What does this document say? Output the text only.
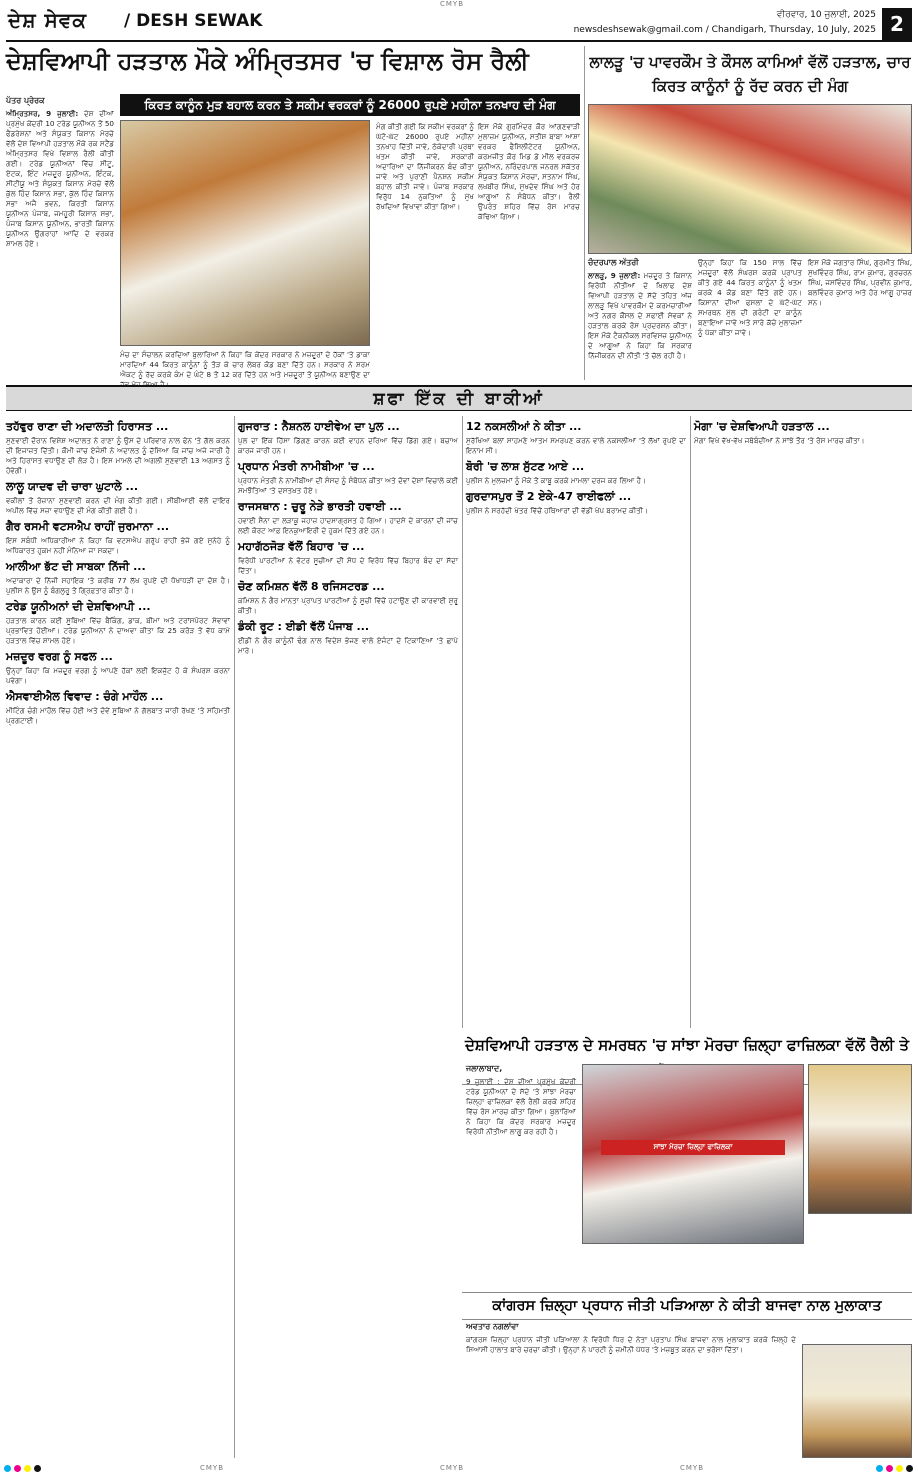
CMYB
ਦੇਸ਼ ਸੇਵਕ / DESH SEWAK	ਵੀਰਵਾਰ, 10 ਜੁਲਾਈ, 2025
newsdeshsewak@gmail.com / Chandigarh, Thursday, 10 July, 2025 2
ਦੇਸ਼ਵਿਆਪੀ ਹੜਤਾਲ ਮੌਕੇ ਅੰਮ੍ਰਿਤਸਰ 'ਚ ਵਿਸ਼ਾਲ ਰੋਸ ਰੈਲੀ
ਕਿਰਤ ਕਾਨੂੰਨ ਮੁੜ ਬਹਾਲ ਕਰਨ ਤੇ ਸਕੀਮ ਵਰਕਰਾਂ ਨੂੰ 26000 ਰੁਪਏ ਮਹੀਨਾ ਤਨਖਾਹ ਦੀ ਮੰਗ

ਪੱਤਰ ਪ੍ਰੇਰਕ

ਅੰਮ੍ਰਿਤਸਰ, 9 ਜੁਲਾਈ: ਦੇਸ਼ ਦੀਆਂ ਪ੍ਰਮੁੱਖ ਕੇਂਦਰੀ 10 ਟਰੇਡ ਯੂਨੀਅਨ ਤੋਂ 50 ਫੈਡਰੇਸ਼ਨਾਂ ਅਤੇ ਸੰਯੁਕਤ ਕਿਸਾਨ ਮੋਰਚੇ ਵੱਲੋਂ ਦੇਸ਼ ਵਿਆਪੀ ਹੜਤਾਲ ਮੌਕੇ ਰਕ ਸਟੈਂਡ ਅੰਮ੍ਰਿਤਸਰ ਵਿਖੇ ਵਿਸ਼ਾਲ ਰੈਲੀ ਕੀਤੀ ਗਈ। ਟਰੇਡ ਯੂਨੀਅਨਾਂ ਵਿੱਚ ਸੀਟੂ, ਏਟਕ, ਇੰਟ ਮਜ਼ਦੂਰ ਯੂਨੀਅਨ, ਇੰਟਕ, ਸੀਟੀਯੂ ਅਤੇ ਸੰਯੁਕਤ ਕਿਸਾਨ ਮੋਰਚੇ ਵੱਲੋਂ ਕੁੱਲ ਹਿੰਦ ਕਿਸਾਨ ਸਭਾ, ਕੁੱਲ ਹਿੰਦ ਕਿਸਾਨ ਸਭਾ ਅਜੈ ਭਵਨ, ਕਿਰਤੀ ਕਿਸਾਨ ਯੂਨੀਅਨ ਪੰਜਾਬ, ਜਮਹੂਰੀ ਕਿਸਾਨ ਸਭਾ, ਪੰਜਾਬ ਕਿਸਾਨ ਯੂਨੀਅਨ, ਭਾਰਤੀ ਕਿਸਾਨ ਯੂਨੀਅਨ ਉਗਰਾਹਾਂ ਆਦਿ ਦੇ ਵਰਕਰ ਸ਼ਾਮਲ ਹੋਏ।

ਮੰਚ ਦਾ ਸੰਚਾਲਨ ਕਰਦਿਆਂ ਬੁਲਾਰਿਆਂ ਨੇ ਕਿਹਾ ਕਿ ਕੇਂਦਰ ਸਰਕਾਰ ਨੇ ਮਜ਼ਦੂਰਾਂ ਦੇ ਹੱਕਾਂ 'ਤੇ ਡਾਕਾ ਮਾਰਦਿਆਂ 44 ਕਿਰਤ ਕਾਨੂੰਨਾਂ ਨੂੰ ਤੋੜ ਕੇ ਚਾਰ ਲੇਬਰ ਕੋਡ ਬਣਾ ਦਿੱਤੇ ਹਨ। ਸਰਕਾਰ ਨੇ ਸ਼ਰਮ ਐਕਟ ਨੂੰ ਰੱਦ ਕਰਕੇ ਕੰਮ ਦੇ ਘੰਟੇ 8 ਤੋਂ 12 ਕਰ ਦਿੱਤੇ ਹਨ ਅਤੇ ਮਜ਼ਦੂਰਾਂ ਤੋਂ ਯੂਨੀਅਨ ਬਣਾਉਣ ਦਾ

ਮੰਗ ਕੀਤੀ ਗਈ ਕਿ ਸਕੀਮ ਵਰਕਰਾਂ ਨੂੰ ਘੱਟੋ-ਘੱਟ 26000 ਰੁਪਏ ਮਹੀਨਾ ਤਨਖਾਹ ਦਿੱਤੀ ਜਾਵੇ, ਠੇਕੇਦਾਰੀ ਪ੍ਰਥਾ ਖਤਮ ਕੀਤੀ ਜਾਵੇ, ਸਰਕਾਰੀ ਅਦਾਰਿਆਂ ਦਾ ਨਿੱਜੀਕਰਨ ਬੰਦ ਕੀਤਾ ਜਾਵੇ ਅਤੇ ਪੁਰਾਣੀ ਪੈਨਸ਼ਨ ਸਕੀਮ ਬਹਾਲ ਕੀਤੀ ਜਾਵੇ। ਪੰਜਾਬ ਸਰਕਾਰ ਵਿਰੁੱਧ 14 ਨੁਕਤਿਆਂ ਨੂੰ ਮੁੱਖ ਰੱਖਦਿਆਂ ਵਿਖਾਵਾ ਕੀਤਾ ਗਿਆ।

ਇਸ ਮੌਕੇ ਗੁਰਮਿੰਦਰ ਕੌਰ ਆਂਗਣਵਾੜੀ ਮੁਲਾਜ਼ਮ ਯੂਨੀਅਨ, ਸਤੀਸ਼ ਬਾਬਾ ਆਸ਼ਾ ਵਰਕਰ ਫੈਸਿਲੀਟੇਟਰ ਯੂਨੀਅਨ, ਕਰਮਜੀਤ ਕੌਰ ਮਿਡ ਡੇ ਮੀਲ ਵਰਕਰਜ਼ ਯੂਨੀਅਨ, ਨਰਿੰਦਰਪਾਲ ਜਨਰਲ ਸਕੱਤਰ ਸੰਯੁਕਤ ਕਿਸਾਨ ਮੋਰਚਾ, ਸਤਨਾਮ ਸਿੰਘ, ਲਖਬੀਰ ਸਿੰਘ, ਸੁਖਦੇਵ ਸਿੰਘ ਅਤੇ ਹੋਰ ਆਗੂਆਂ ਨੇ ਸੰਬੋਧਨ ਕੀਤਾ। ਰੈਲੀ ਉਪਰੰਤ ਸ਼ਹਿਰ ਵਿੱਚ ਰੋਸ ਮਾਰਚ ਕੱਢਿਆ ਗਿਆ।

ਲਾਲੜੂ 'ਚ ਪਾਵਰਕੌਮ ਤੇ ਕੌਸਲ ਕਾਮਿਆਂ ਵੱਲੋਂ ਹੜਤਾਲ, ਚਾਰ ਕਿਰਤ ਕਾਨੂੰਨਾਂ ਨੂੰ ਰੱਦ ਕਰਨ ਦੀ ਮੰਗ

ਚੰਦਰਪਾਲ ਅੱਤਰੀ

ਲਾਲੜੂ, 9 ਜੁਲਾਈ: ਮਜ਼ਦੂਰ ਤੇ ਕਿਸਾਨ ਵਿਰੋਧੀ ਨੀਤੀਆਂ ਦੇ ਖਿਲਾਫ ਦੇਸ਼ ਵਿਆਪੀ ਹੜਤਾਲ ਦੇ ਸੱਦੇ ਤਹਿਤ ਅੱਜ ਲਾਲੜੂ ਵਿਖੇ ਪਾਵਰਕੌਮ ਦੇ ਕਰਮਚਾਰੀਆਂ ਅਤੇ ਨਗਰ ਕੌਂਸਲ ਦੇ ਸਫਾਈ ਸੇਵਕਾਂ ਨੇ ਹੜਤਾਲ ਕਰਕੇ ਰੋਸ ਪ੍ਰਦਰਸ਼ਨ ਕੀਤਾ। ਇਸ ਮੌਕੇ ਟੈਕਨੀਕਲ ਸਰਵਿਸਜ਼ ਯੂਨੀਅਨ ਦੇ ਆਗੂਆਂ ਨੇ ਕਿਹਾ ਕਿ ਸਰਕਾਰ ਨਿੱਜੀਕਰਨ ਦੀ ਨੀਤੀ 'ਤੇ ਚੱਲ ਰਹੀ ਹੈ।

ਉਨ੍ਹਾਂ ਕਿਹਾ ਕਿ 150 ਸਾਲ ਵਿੱਚ ਮਜ਼ਦੂਰਾਂ ਵੱਲੋਂ ਸੰਘਰਸ਼ ਕਰਕੇ ਪ੍ਰਾਪਤ ਕੀਤੇ ਗਏ 44 ਕਿਰਤ ਕਾਨੂੰਨਾਂ ਨੂੰ ਖਤਮ ਕਰਕੇ 4 ਕੋਡ ਬਣਾ ਦਿੱਤੇ ਗਏ ਹਨ। ਕਿਸਾਨਾਂ ਦੀਆਂ ਫਸਲਾਂ ਦੇ ਘੱਟੋ-ਘੱਟ ਸਮਰਥਨ ਮੁੱਲ ਦੀ ਗਰੰਟੀ ਦਾ ਕਾਨੂੰਨ ਬਣਾਇਆ ਜਾਵੇ ਅਤੇ ਸਾਰੇ ਕੱਚੇ ਮੁਲਾਜ਼ਮਾਂ ਨੂੰ ਪੱਕਾ ਕੀਤਾ ਜਾਵੇ।

ਇਸ ਮੌਕੇ ਜਗਤਾਰ ਸਿੰਘ, ਗੁਰਮੀਤ ਸਿੰਘ, ਸੁਖਵਿੰਦਰ ਸਿੰਘ, ਰਾਮ ਕੁਮਾਰ, ਗੁਰਚਰਨ ਸਿੰਘ, ਜਸਵਿੰਦਰ ਸਿੰਘ, ਪ੍ਰਵੀਨ ਕੁਮਾਰ, ਬਲਵਿੰਦਰ ਕੁਮਾਰ ਅਤੇ ਹੋਰ ਆਗੂ ਹਾਜ਼ਰ ਸਨ।

ਸ਼ਫਾ ਇੱਕ ਦੀ ਬਾਕੀਆਂ
ਤਹੱਵੁਰ ਰਾਣਾ ਦੀ ਅਦਾਲਤੀ ਹਿਰਾਸਤ ...

ਸੁਣਵਾਈ ਦੌਰਾਨ ਵਿਸ਼ੇਸ਼ ਅਦਾਲਤ ਨੇ ਰਾਣਾ ਨੂੰ ਉਸ ਦੇ ਪਰਿਵਾਰ ਨਾਲ ਫੋਨ 'ਤੇ ਗੱਲ ਕਰਨ ਦੀ ਇਜਾਜ਼ਤ ਦਿੱਤੀ। ਕੌਮੀ ਜਾਂਚ ਏਜੰਸੀ ਨੇ ਅਦਾਲਤ ਨੂੰ ਦੱਸਿਆ ਕਿ ਜਾਂਚ ਅਜੇ ਜਾਰੀ ਹੈ ਅਤੇ ਹਿਰਾਸਤ ਵਧਾਉਣ ਦੀ ਲੋੜ ਹੈ। ਇਸ ਮਾਮਲੇ ਦੀ ਅਗਲੀ ਸੁਣਵਾਈ 13 ਅਗਸਤ ਨੂੰ ਹੋਵੇਗੀ।

ਲਾਲੂ ਯਾਦਵ ਦੀ ਚਾਰਾ ਘੁਟਾਲੇ ...

ਵਕੀਲਾਂ ਤੋਂ ਰੋਜ਼ਾਨਾ ਸੁਣਵਾਈ ਕਰਨ ਦੀ ਮੰਗ ਕੀਤੀ ਗਈ। ਸੀਬੀਆਈ ਵੱਲੋਂ ਦਾਇਰ ਅਪੀਲ ਵਿੱਚ ਸਜ਼ਾ ਵਧਾਉਣ ਦੀ ਮੰਗ ਕੀਤੀ ਗਈ ਹੈ।

ਗੈਰ ਰਸਮੀ ਵਟਸਐਪ ਰਾਹੀਂ ਜੁਰਮਾਨਾ ...

ਇਸ ਸਬੰਧੀ ਅਧਿਕਾਰੀਆਂ ਨੇ ਕਿਹਾ ਕਿ ਵਟਸਐਪ ਗਰੁੱਪ ਰਾਹੀਂ ਭੇਜੇ ਗਏ ਸੁਨੇਹੇ ਨੂੰ ਅਧਿਕਾਰਤ ਹੁਕਮ ਨਹੀਂ ਮੰਨਿਆ ਜਾ ਸਕਦਾ।

ਆਲੀਆ ਭੱਟ ਦੀ ਸਾਬਕਾ ਨਿੱਜੀ ...

ਅਦਾਕਾਰਾ ਦੇ ਨਿੱਜੀ ਸਹਾਇਕ 'ਤੇ ਕਰੀਬ 77 ਲੱਖ ਰੁਪਏ ਦੀ ਧੋਖਾਧੜੀ ਦਾ ਦੋਸ਼ ਹੈ। ਪੁਲੀਸ ਨੇ ਉਸ ਨੂੰ ਬੰਗਲੁਰੂ ਤੋਂ ਗ੍ਰਿਫ਼ਤਾਰ ਕੀਤਾ ਹੈ।

ਟਰੇਡ ਯੂਨੀਅਨਾਂ ਦੀ ਦੇਸ਼ਵਿਆਪੀ ...

ਹੜਤਾਲ ਕਾਰਨ ਕਈ ਸੂਬਿਆਂ ਵਿੱਚ ਬੈਂਕਿੰਗ, ਡਾਕ, ਬੀਮਾ ਅਤੇ ਟਰਾਂਸਪੋਰਟ ਸੇਵਾਵਾਂ ਪ੍ਰਭਾਵਿਤ ਹੋਈਆਂ। ਟਰੇਡ ਯੂਨੀਅਨਾਂ ਨੇ ਦਾਅਵਾ ਕੀਤਾ ਕਿ 25 ਕਰੋੜ ਤੋਂ ਵੱਧ ਕਾਮੇ ਹੜਤਾਲ ਵਿੱਚ ਸ਼ਾਮਲ ਹੋਏ।

ਮਜ਼ਦੂਰ ਵਰਗ ਨੂੰ ਸਫਲ ...

ਉਨ੍ਹਾਂ ਕਿਹਾ ਕਿ ਮਜ਼ਦੂਰ ਵਰਗ ਨੂੰ ਆਪਣੇ ਹੱਕਾਂ ਲਈ ਇਕਜੁੱਟ ਹੋ ਕੇ ਸੰਘਰਸ਼ ਕਰਨਾ ਪਵੇਗਾ।

ਐਸਵਾਈਐਲ ਵਿਵਾਦ : ਚੰਗੇ ਮਾਹੌਲ ...

ਮੀਟਿੰਗ ਚੰਗੇ ਮਾਹੌਲ ਵਿੱਚ ਹੋਈ ਅਤੇ ਦੋਵੇਂ ਸੂਬਿਆਂ ਨੇ ਗੱਲਬਾਤ ਜਾਰੀ ਰੱਖਣ 'ਤੇ ਸਹਿਮਤੀ ਪ੍ਰਗਟਾਈ।

ਗੁਜਰਾਤ : ਨੈਸ਼ਨਲ ਹਾਈਵੇਅ ਦਾ ਪੁਲ ...

ਪੁਲ ਦਾ ਇੱਕ ਹਿੱਸਾ ਡਿੱਗਣ ਕਾਰਨ ਕਈ ਵਾਹਨ ਦਰਿਆ ਵਿੱਚ ਡਿੱਗ ਗਏ। ਬਚਾਅ ਕਾਰਜ ਜਾਰੀ ਹਨ।

ਪ੍ਰਧਾਨ ਮੰਤਰੀ ਨਾਮੀਬੀਆ 'ਚ ...

ਪ੍ਰਧਾਨ ਮੰਤਰੀ ਨੇ ਨਾਮੀਬੀਆ ਦੀ ਸੰਸਦ ਨੂੰ ਸੰਬੋਧਨ ਕੀਤਾ ਅਤੇ ਦੋਵਾਂ ਦੇਸ਼ਾਂ ਵਿਚਾਲੇ ਕਈ ਸਮਝੌਤਿਆਂ 'ਤੇ ਦਸਤਖ਼ਤ ਹੋਏ।

ਰਾਜਸਥਾਨ : ਚੁਰੂ ਨੇੜੇ ਭਾਰਤੀ ਹਵਾਈ ...

ਹਵਾਈ ਸੈਨਾ ਦਾ ਲੜਾਕੂ ਜਹਾਜ਼ ਹਾਦਸਾਗ੍ਰਸਤ ਹੋ ਗਿਆ। ਹਾਦਸੇ ਦੇ ਕਾਰਨਾਂ ਦੀ ਜਾਂਚ ਲਈ ਕੋਰਟ ਆਫ਼ ਇਨਕੁਆਇਰੀ ਦੇ ਹੁਕਮ ਦਿੱਤੇ ਗਏ ਹਨ।

ਮਹਾਗੱਠਜੋੜ ਵੱਲੋਂ ਬਿਹਾਰ 'ਚ ...

ਵਿਰੋਧੀ ਪਾਰਟੀਆਂ ਨੇ ਵੋਟਰ ਸੂਚੀਆਂ ਦੀ ਸੋਧ ਦੇ ਵਿਰੋਧ ਵਿੱਚ ਬਿਹਾਰ ਬੰਦ ਦਾ ਸੱਦਾ ਦਿੱਤਾ।

ਚੋਣ ਕਮਿਸ਼ਨ ਵੱਲੋਂ 8 ਰਜਿਸਟਰਡ ...

ਕਮਿਸ਼ਨ ਨੇ ਗੈਰ ਮਾਨਤਾ ਪ੍ਰਾਪਤ ਪਾਰਟੀਆਂ ਨੂੰ ਸੂਚੀ ਵਿੱਚੋਂ ਹਟਾਉਣ ਦੀ ਕਾਰਵਾਈ ਸ਼ੁਰੂ ਕੀਤੀ।

ਡੰਕੀ ਰੂਟ : ਈਡੀ ਵੱਲੋਂ ਪੰਜਾਬ ...

ਈਡੀ ਨੇ ਗੈਰ ਕਾਨੂੰਨੀ ਢੰਗ ਨਾਲ ਵਿਦੇਸ਼ ਭੇਜਣ ਵਾਲੇ ਏਜੰਟਾਂ ਦੇ ਟਿਕਾਣਿਆਂ 'ਤੇ ਛਾਪੇ ਮਾਰੇ।

12 ਨਕਸਲੀਆਂ ਨੇ ਕੀਤਾ ...

ਸੁਰੱਖਿਆ ਬਲਾਂ ਸਾਹਮਣੇ ਆਤਮ ਸਮਰਪਣ ਕਰਨ ਵਾਲੇ ਨਕਸਲੀਆਂ 'ਤੇ ਲੱਖਾਂ ਰੁਪਏ ਦਾ ਇਨਾਮ ਸੀ।

ਬੋਰੀ 'ਚ ਲਾਸ਼ ਸੁੱਟਣ ਆਏ ...

ਪੁਲੀਸ ਨੇ ਮੁਲਜ਼ਮਾਂ ਨੂੰ ਮੌਕੇ ਤੋਂ ਕਾਬੂ ਕਰਕੇ ਮਾਮਲਾ ਦਰਜ ਕਰ ਲਿਆ ਹੈ।

ਗੁਰਦਾਸਪੁਰ ਤੋਂ 2 ਏਕੇ-47 ਰਾਈਫਲਾਂ ...

ਪੁਲੀਸ ਨੇ ਸਰਹੱਦੀ ਖੇਤਰ ਵਿੱਚੋਂ ਹਥਿਆਰਾਂ ਦੀ ਵੱਡੀ ਖੇਪ ਬਰਾਮਦ ਕੀਤੀ।

ਮੋਗਾ 'ਚ ਦੇਸ਼ਵਿਆਪੀ ਹੜਤਾਲ ...

ਮੋਗਾ ਵਿਖੇ ਵੱਖ-ਵੱਖ ਜਥੇਬੰਦੀਆਂ ਨੇ ਸਾਂਝੇ ਤੌਰ 'ਤੇ ਰੋਸ ਮਾਰਚ ਕੀਤਾ।

ਦੇਸ਼ਵਿਆਪੀ ਹੜਤਾਲ ਦੇ ਸਮਰਥਨ 'ਚ ਸਾਂਝਾ ਮੋਰਚਾ ਜ਼ਿਲ੍ਹਾ ਫਾਜ਼ਿਲਕਾ ਵੱਲੋਂ ਰੈਲੀ ਤੇ

ਜਲਾਲਾਬਾਦ,

9 ਜੁਲਾਈ : ਦੇਸ਼ ਦੀਆਂ ਪ੍ਰਮੁੱਖ ਕੇਂਦਰੀ ਟਰੇਡ ਯੂਨੀਅਨਾਂ ਦੇ ਸੱਦੇ 'ਤੇ ਸਾਂਝਾ ਮੋਰਚਾ ਜ਼ਿਲ੍ਹਾ ਫਾਜ਼ਿਲਕਾ ਵੱਲੋਂ ਰੈਲੀ ਕਰਕੇ ਸ਼ਹਿਰ ਵਿੱਚ ਰੋਸ ਮਾਰਚ ਕੀਤਾ ਗਿਆ। ਬੁਲਾਰਿਆਂ ਨੇ ਕਿਹਾ ਕਿ ਕੇਂਦਰ ਸਰਕਾਰ ਮਜ਼ਦੂਰ ਵਿਰੋਧੀ ਨੀਤੀਆਂ ਲਾਗੂ ਕਰ ਰਹੀ ਹੈ।

ਸਾਂਝਾ ਮੋਰਚਾ ਜ਼ਿਲ੍ਹਾ ਫਾਜ਼ਿਲਕਾ
ਕਾਂਗਰਸ ਜ਼ਿਲ੍ਹਾ ਪ੍ਰਧਾਨ ਜੀਤੀ ਪੜਿਆਲਾ ਨੇ ਕੀਤੀ ਬਾਜਵਾ ਨਾਲ ਮੁਲਾਕਾਤ

ਅਵਤਾਰ ਨਗਲਾਂਵਾ

ਕਾਂਗਰਸ ਜ਼ਿਲ੍ਹਾ ਪ੍ਰਧਾਨ ਜੀਤੀ ਪੜਿਆਲਾ ਨੇ ਵਿਰੋਧੀ ਧਿਰ ਦੇ ਨੇਤਾ ਪ੍ਰਤਾਪ ਸਿੰਘ ਬਾਜਵਾ ਨਾਲ ਮੁਲਾਕਾਤ ਕਰਕੇ ਜ਼ਿਲ੍ਹੇ ਦੇ ਸਿਆਸੀ ਹਾਲਾਤ ਬਾਰੇ ਚਰਚਾ ਕੀਤੀ। ਉਨ੍ਹਾਂ ਨੇ ਪਾਰਟੀ ਨੂੰ ਜ਼ਮੀਨੀ ਪੱਧਰ 'ਤੇ ਮਜ਼ਬੂਤ ਕਰਨ ਦਾ ਭਰੋਸਾ ਦਿੱਤਾ।

CMYB	CMYB	CMYB
